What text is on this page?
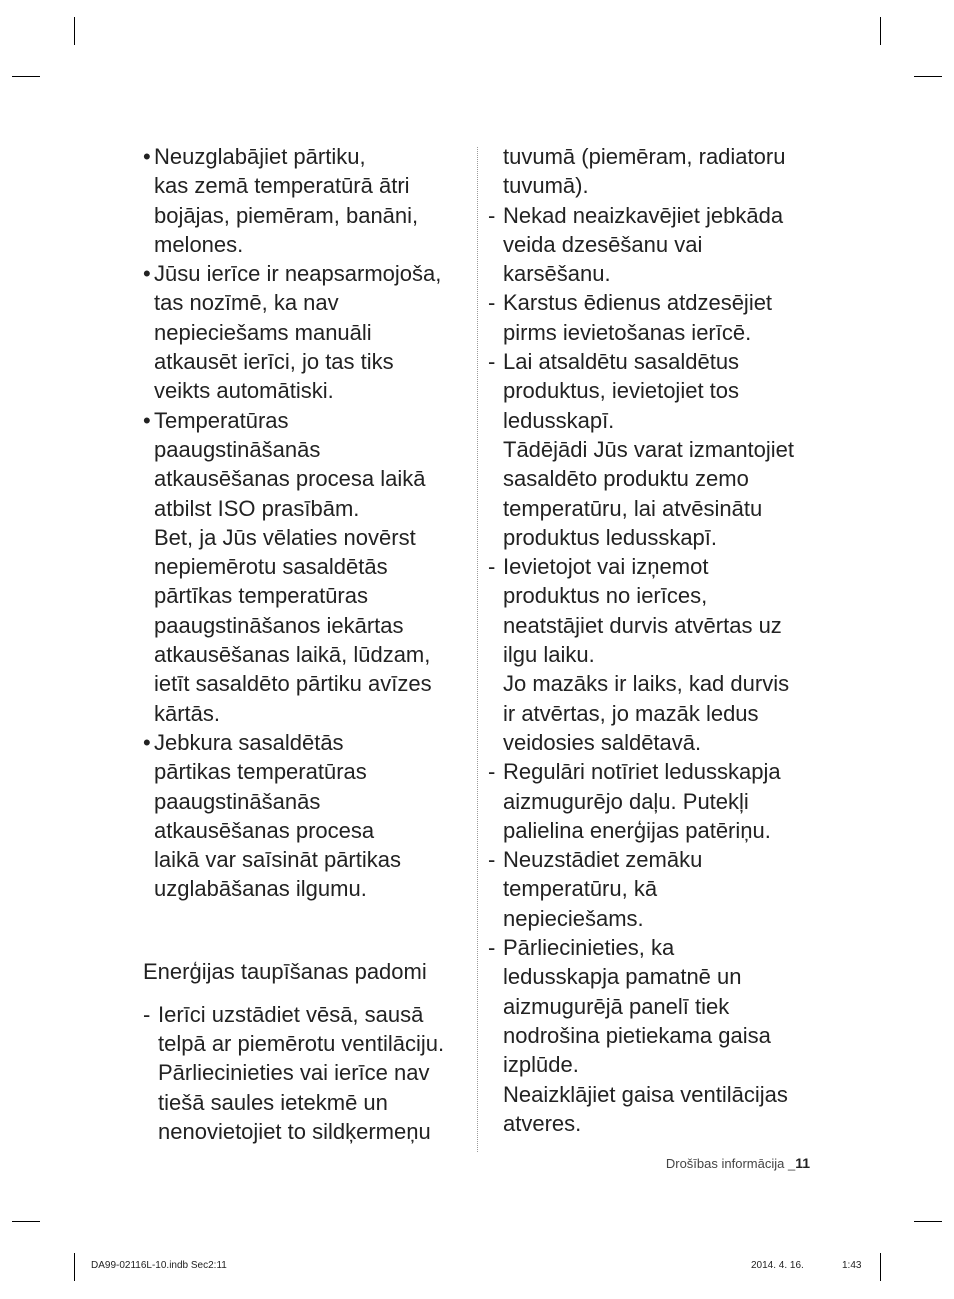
• Neuzglabājiet pārtiku,
kas zemā temperatūrā ātri
bojājas, piemēram, banāni,
melones.
• Jūsu ierīce ir neapsarmojoša,
tas nozīmē, ka nav
nepieciešams manuāli
atkausēt ierīci, jo tas tiks
veikts automātiski.
• Temperatūras
paaugstināšanās
atkausēšanas procesa laikā
atbilst ISO prasībām.
Bet, ja Jūs vēlaties novērst
nepiemērotu sasaldētās
pārtīkas temperatūras
paaugstināšanos iekārtas
atkausēšanas laikā, lūdzam,
ietīt sasaldēto pārtiku avīzes
kārtās.
• Jebkura sasaldētās
pārtikas temperatūras
paaugstināšanās
atkausēšanas procesa
laikā var saīsināt pārtikas
uzglabāšanas ilgumu.
Enerģijas taupīšanas padomi
- Ierīci uzstādiet vēsā, sausā
telpā ar piemērotu ventilāciju.
Pārliecinieties vai ierīce nav
tiešā saules ietekmē un
nenovietojiet to sildķermeņu
tuvumā (piemēram, radiatoru
tuvumā).
- Nekad neaizkavējiet jebkāda
veida dzesēšanu vai
karsēšanu.
- Karstus ēdienus atdzesējiet
pirms ievietošanas ierīcē.
- Lai atsaldētu sasaldētus
produktus, ievietojiet tos
ledusskapī.
Tādējādi Jūs varat izmantojiet
sasaldēto produktu zemo
temperatūru, lai atvēsinātu
produktus ledusskapī.
- Ievietojot vai izņemot
produktus no ierīces,
neatstājiet durvis atvērtas uz
ilgu laiku.
Jo mazāks ir laiks, kad durvis
ir atvērtas, jo mazāk ledus
veidosies saldētavā.
- Regulāri notīriet ledusskapja
aizmugurējo daļu. Putekļi
palielina enerģijas patēriņu.
- Neuzstādiet zemāku
temperatūru, kā
nepieciešams.
- Pārliecinieties, ka
ledusskapja pamatnē un
aizmugurējā panelī tiek
nodrošina pietiekama gaisa
izplūde.
Neaizklājiet gaisa ventilācijas
atveres.
Drošības informācija _11
DA99-02116L-10.indb Sec2:11	2014. 4. 16.	1:43
